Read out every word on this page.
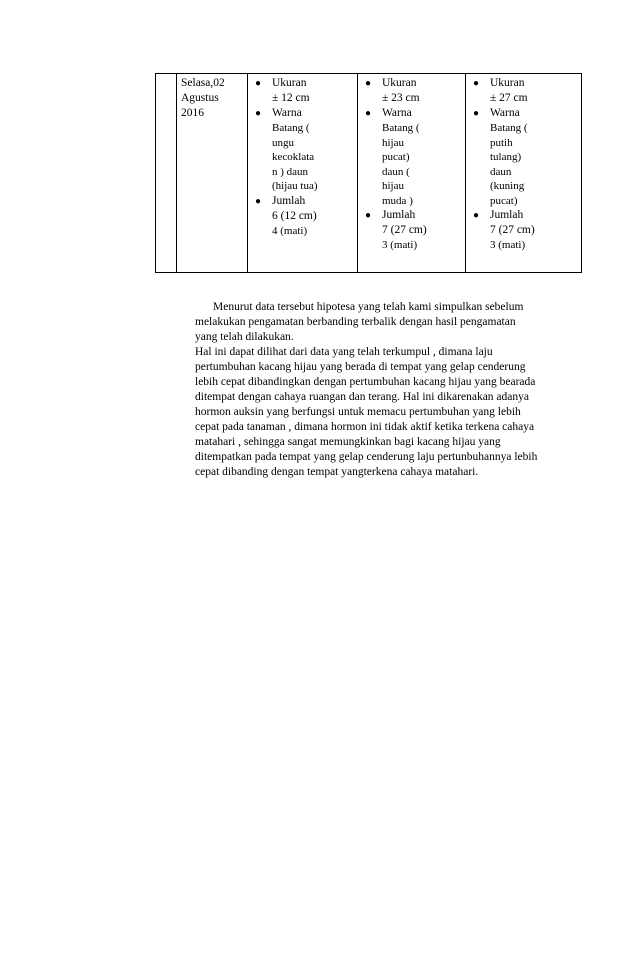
Selasa,02
Agustus
2016

● Ukuran
± 12 cm
● Warna
Batang (
ungu
kecoklata
n ) daun
(hijau tua)
● Jumlah
6 (12 cm)
4 (mati)

● Ukuran
± 23 cm
● Warna
Batang (
hijau
pucat)
daun (
hijau
muda )
● Jumlah
7 (27 cm)
3 (mati)

● Ukuran
± 27 cm
● Warna
Batang (
putih
tulang)
daun
(kuning
pucat)
● Jumlah
7 (27 cm)
3 (mati)

Menurut data tersebut hipotesa yang telah kami simpulkan sebelum

melakukan pengamatan berbanding terbalik dengan hasil pengamatan

yang telah dilakukan.

Hal ini dapat dilihat dari data yang telah terkumpul , dimana laju

pertumbuhan kacang hijau yang berada di tempat yang gelap cenderung

lebih cepat dibandingkan dengan pertumbuhan kacang hijau yang bearada

ditempat dengan cahaya ruangan dan terang. Hal ini dikarenakan adanya

hormon auksin yang berfungsi untuk memacu pertumbuhan yang lebih

cepat pada tanaman , dimana hormon ini tidak aktif ketika terkena cahaya

matahari , sehingga sangat memungkinkan bagi kacang hijau yang

ditempatkan pada tempat yang gelap cenderung laju pertunbuhannya lebih

cepat dibanding dengan tempat yangterkena cahaya matahari.
